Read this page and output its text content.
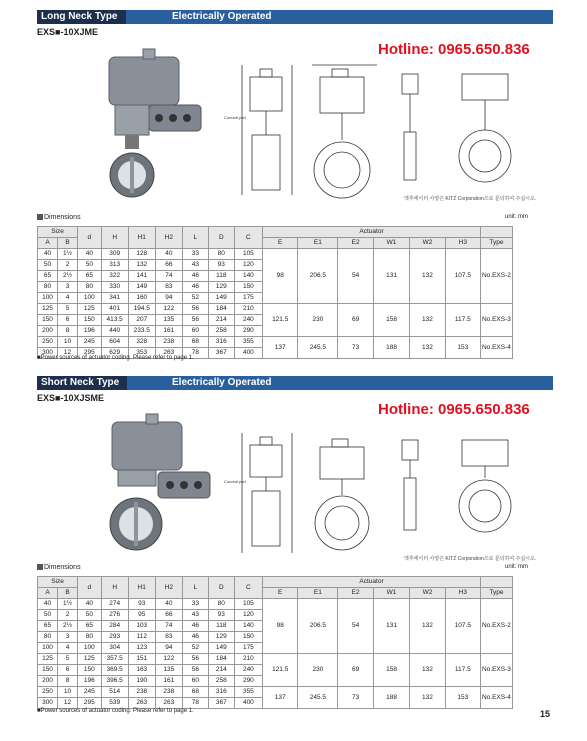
Long Neck Type	Electrically Operated
EXS■-10XJME
Conduit port
Hotline: 0965.650.836
액추에이터 사양은 KITZ Corporation으로 문의하여 주십시오.
Dimensions	unit: mm
Size		d	H	H1	H2	L	D	C	Actuator						
A	B								E	E1	E2	W1	W2	H3	Type
40	1½	40	309	128	40	33	80	105	98	206.5	54	131	132	107.5	No.EXS-2
50	2	50	313	132	66	43	93	120							
65	2½	65	322	141	74	46	118	140							
80	3	80	330	149	83	46	129	150							
100	4	100	341	160	94	52	149	175							
125	5	125	401	194.5	122	56	184	210	121.5	230	69	158	132	117.5	No.EXS-3
150	6	150	413.5	207	135	56	214	240							
200	8	196	440	233.5	161	60	258	290							
250	10	245	604	328	238	68	316	355	137	245.5	73	188	132	153	No.EXS-4
300	12	295	629	353	263	78	367	400							
■Power sources of actuator coding. Please refer to page 1.
Short Neck Type	Electrically Operated
EXS■-10XJSME
Conduit port
Hotline: 0965.650.836
액추에이터 사양은 KITZ Corporation으로 문의하여 주십시오.
Dimensions	unit: mm
Size		d	H	H1	H2	L	D	C	Actuator						
A	B								E	E1	E2	W1	W2	H3	Type
40	1½	40	274	93	40	33	80	105	98	206.5	54	131	132	107.5	No.EXS-2
50	2	50	276	95	66	43	93	120							
65	2½	65	284	103	74	46	118	140							
80	3	80	293	112	83	46	129	150							
100	4	100	304	123	94	52	149	175							
125	5	125	357.5	151	122	56	184	210	121.5	230	69	158	132	117.5	No.EXS-3
150	6	150	369.5	163	135	56	214	240							
200	8	196	396.5	190	161	60	258	290							
250	10	245	514	238	238	68	316	355	137	245.5	73	188	132	153	No.EXS-4
300	12	295	539	263	263	78	367	400							
■Power sources of actuator coding. Please refer to page 1.	15
